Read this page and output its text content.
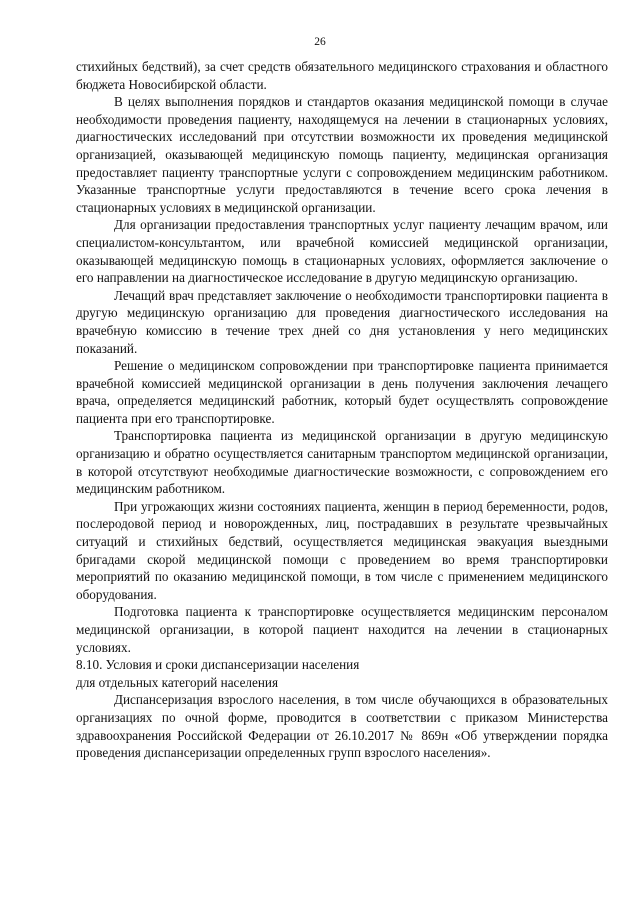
26

стихийных бедствий), за счет средств обязательного медицинского страхования и областного бюджета Новосибирской области.

В целях выполнения порядков и стандартов оказания медицинской помощи в случае необходимости проведения пациенту, находящемуся на лечении в стационарных условиях, диагностических исследований при отсутствии возможности их проведения медицинской организацией, оказывающей медицинскую помощь пациенту, медицинская организация предоставляет пациенту транспортные услуги с сопровождением медицинским работником. Указанные транспортные услуги предоставляются в течение всего срока лечения в стационарных условиях в медицинской организации.

Для организации предоставления транспортных услуг пациенту лечащим врачом, или специалистом-консультантом, или врачебной комиссией медицинской организации, оказывающей медицинскую помощь в стационарных условиях, оформляется заключение о его направлении на диагностическое исследование в другую медицинскую организацию.

Лечащий врач представляет заключение о необходимости транспортировки пациента в другую медицинскую организацию для проведения диагностического исследования на врачебную комиссию в течение трех дней со дня установления у него медицинских показаний.

Решение о медицинском сопровождении при транспортировке пациента принимается врачебной комиссией медицинской организации в день получения заключения лечащего врача, определяется медицинский работник, который будет осуществлять сопровождение пациента при его транспортировке.

Транспортировка пациента из медицинской организации в другую медицинскую организацию и обратно осуществляется санитарным транспортом медицинской организации, в которой отсутствуют необходимые диагностические возможности, с сопровождением его медицинским работником.

При угрожающих жизни состояниях пациента, женщин в период беременности, родов, послеродовой период и новорожденных, лиц, пострадавших в результате чрезвычайных ситуаций и стихийных бедствий, осуществляется медицинская эвакуация выездными бригадами скорой медицинской помощи с проведением во время транспортировки мероприятий по оказанию медицинской помощи, в том числе с применением медицинского оборудования.

Подготовка пациента к транспортировке осуществляется медицинским персоналом медицинской организации, в которой пациент находится на лечении в стационарных условиях.

8.10. Условия и сроки диспансеризации населения
для отдельных категорий населения

Диспансеризация взрослого населения, в том числе обучающихся в образовательных организациях по очной форме, проводится в соответствии с приказом Министерства здравоохранения Российской Федерации от 26.10.2017 № 869н «Об утверждении порядка проведения диспансеризации определенных групп взрослого населения».
